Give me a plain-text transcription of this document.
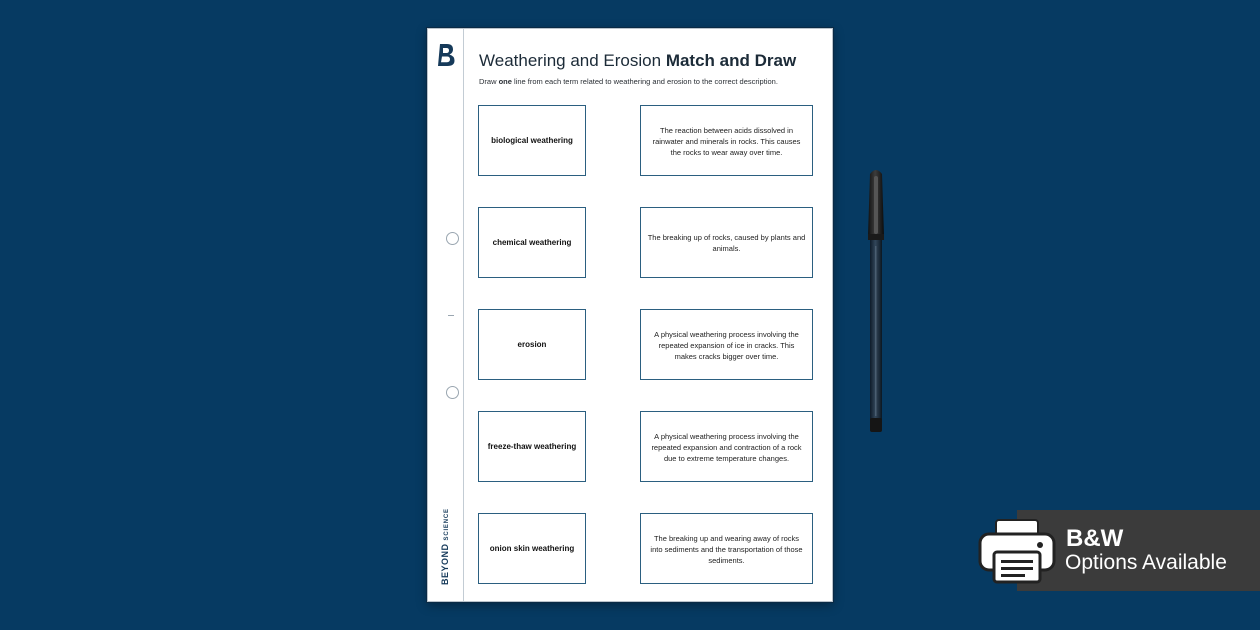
BEYONDSCIENCE
Weathering and Erosion Match and Draw
Draw one line from each term related to weathering and erosion to the correct description.
biological weathering
chemical weathering
erosion
freeze-thaw weathering
onion skin weathering
The reaction between acids dissolved in rainwater and minerals in rocks. This causes the rocks to wear away over time.
The breaking up of rocks, caused by plants and animals.
A physical weathering process involving the repeated expansion of ice in cracks. This makes cracks bigger over time.
A physical weathering process involving the repeated expansion and contraction of a rock due to extreme temperature changes.
The breaking up and wearing away of rocks into sediments and the transportation of those sediments.
B&W
Options Available
